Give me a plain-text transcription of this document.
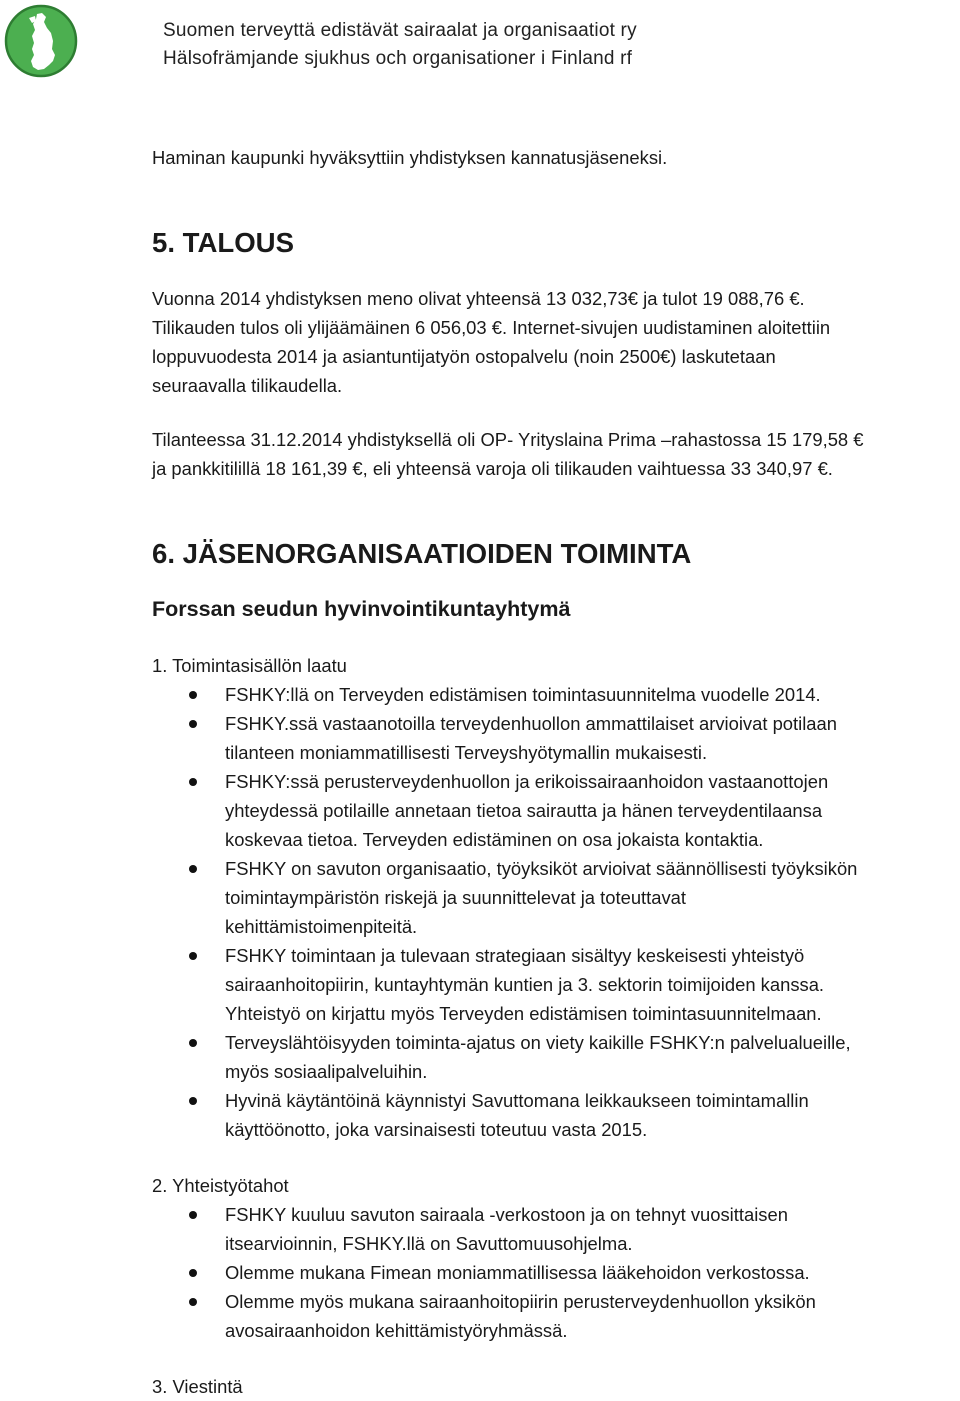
Suomen terveyttä edistävät sairaalat ja organisaatiot ry
Hälsofrämjande sjukhus och organisationer i Finland rf

Haminan kaupunki hyväksyttiin yhdistyksen kannatusjäseneksi.

5. TALOUS
Vuonna 2014 yhdistyksen meno olivat yhteensä 13 032,73€ ja tulot 19 088,76 €.
Tilikauden tulos oli ylijäämäinen 6 056,03 €. Internet-sivujen uudistaminen aloitettiin
loppuvuodesta 2014 ja asiantuntijatyön ostopalvelu (noin 2500€) laskutetaan
seuraavalla tilikaudella.
Tilanteessa 31.12.2014 yhdistyksellä oli OP- Yrityslaina Prima –rahastossa 15 179,58 €
ja pankkitilillä 18 161,39 €, eli yhteensä varoja oli tilikauden vaihtuessa 33 340,97 €.
6. JÄSENORGANISAATIOIDEN TOIMINTA
Forssan seudun hyvinvointikuntayhtymä
1. Toimintasisällön laatu
FSHKY:llä on Terveyden edistämisen toimintasuunnitelma vuodelle 2014.
FSHKY.ssä vastaanotoilla terveydenhuollon ammattilaiset arvioivat potilaan
tilanteen moniammatillisesti Terveyshyötymallin mukaisesti.
FSHKY:ssä perusterveydenhuollon ja erikoissairaanhoidon vastaanottojen
yhteydessä potilaille annetaan tietoa sairautta ja hänen terveydentilaansa
koskevaa tietoa. Terveyden edistäminen on osa jokaista kontaktia.
FSHKY on savuton organisaatio, työyksiköt arvioivat säännöllisesti työyksikön
toimintaympäristön riskejä ja suunnittelevat ja toteuttavat
kehittämistoimenpiteitä.
FSHKY toimintaan ja tulevaan strategiaan sisältyy keskeisesti yhteistyö
sairaanhoitopiirin, kuntayhtymän kuntien ja 3. sektorin toimijoiden kanssa.
Yhteistyö on kirjattu myös Terveyden edistämisen toimintasuunnitelmaan.
Terveyslähtöisyyden toiminta-ajatus on viety kaikille FSHKY:n palvelualueille,
myös sosiaalipalveluihin.
Hyvinä käytäntöinä käynnistyi Savuttomana leikkaukseen toimintamallin
käyttöönotto, joka varsinaisesti toteutuu vasta 2015.
2. Yhteistyötahot
FSHKY kuuluu savuton sairaala -verkostoon ja on tehnyt vuosittaisen
itsearvioinnin, FSHKY.llä on Savuttomuusohjelma.
Olemme mukana Fimean moniammatillisessa lääkehoidon verkostossa.
Olemme myös mukana sairaanhoitopiirin perusterveydenhuollon yksikön
avosairaanhoidon kehittämistyöryhmässä.
3. Viestintä
